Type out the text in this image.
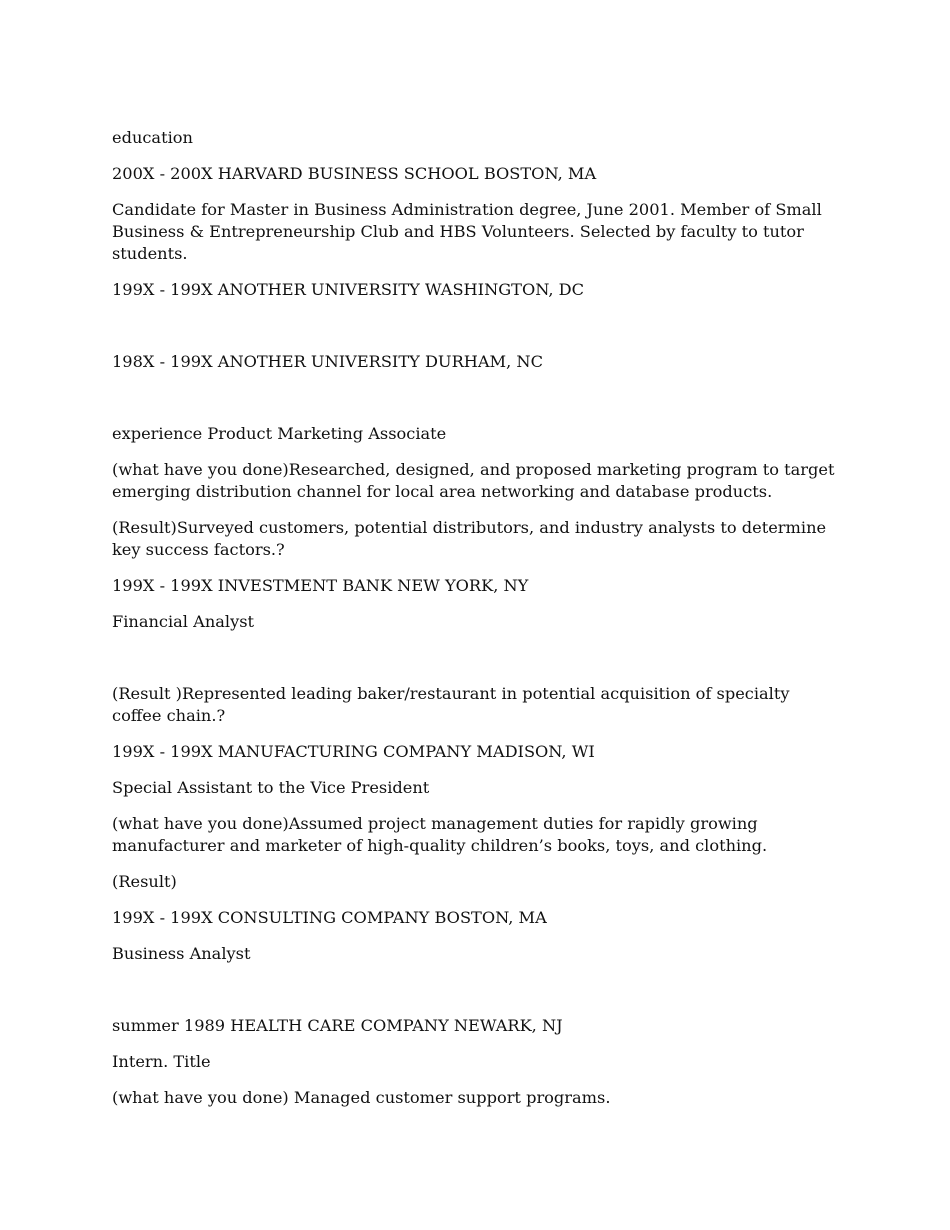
education

200X - 200X HARVARD BUSINESS SCHOOL BOSTON, MA

Candidate for Master in Business Administration degree, June 2001. Member of Small Business & Entrepreneurship Club and HBS Volunteers. Selected by faculty to tutor students.

199X - 199X ANOTHER UNIVERSITY WASHINGTON, DC

198X - 199X ANOTHER UNIVERSITY DURHAM, NC

experience Product Marketing Associate

(what have you done)Researched, designed, and proposed marketing program to target emerging distribution channel for local area networking and database products.

(Result)Surveyed customers, potential distributors, and industry analysts to determine key success factors.?

199X - 199X INVESTMENT BANK NEW YORK, NY

Financial Analyst

(Result )Represented leading baker/restaurant in potential acquisition of specialty coffee chain.?

199X - 199X MANUFACTURING COMPANY MADISON, WI

Special Assistant to the Vice President

(what have you done)Assumed project management duties for rapidly growing manufacturer and marketer of high-quality children’s books, toys, and clothing.

(Result)

199X - 199X CONSULTING COMPANY BOSTON, MA

Business Analyst

summer 1989 HEALTH CARE COMPANY NEWARK, NJ

Intern. Title

(what have you done) Managed customer support programs.
